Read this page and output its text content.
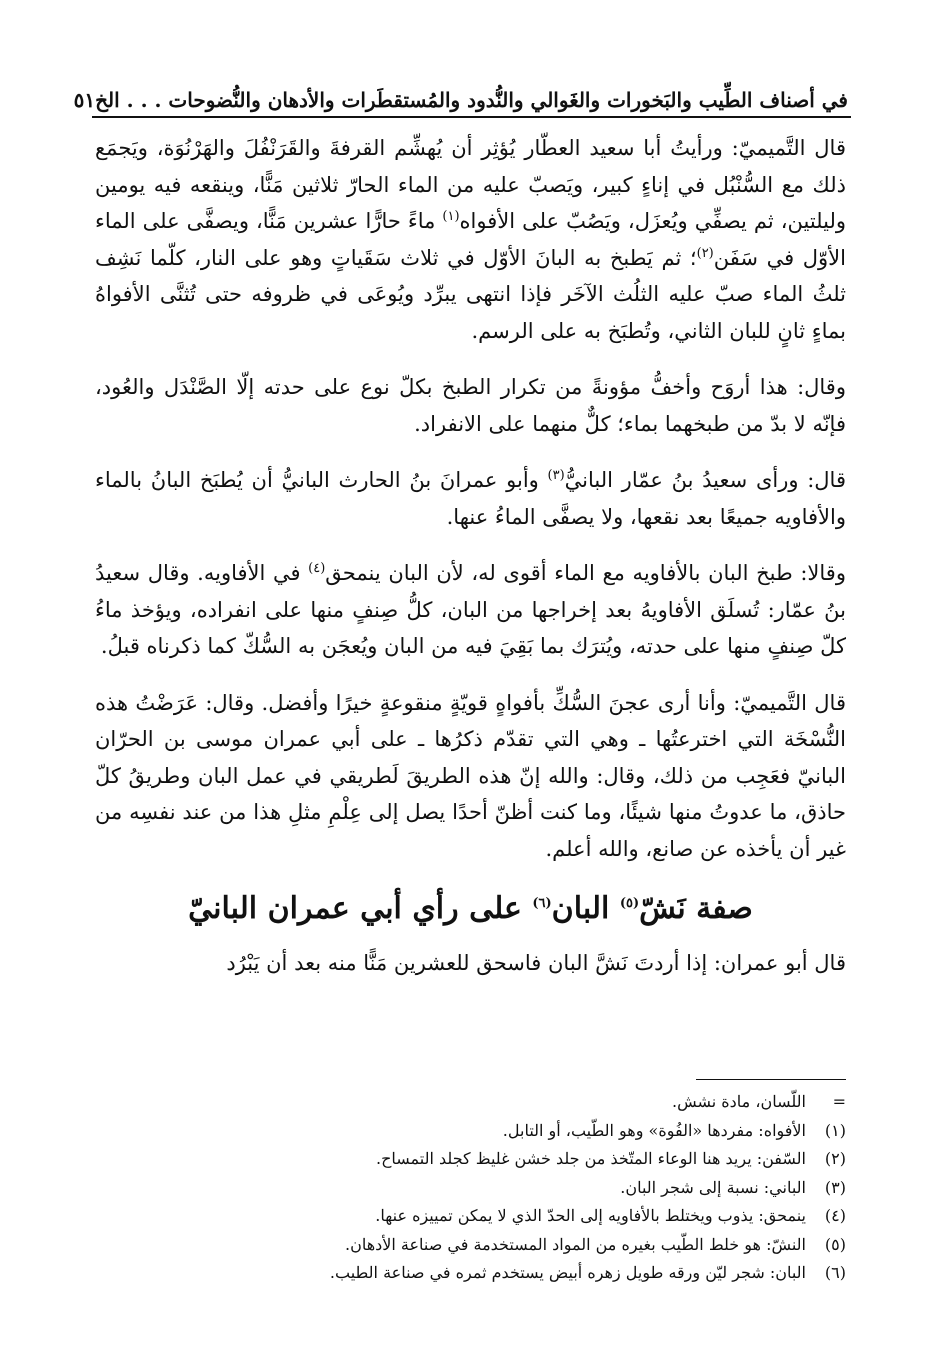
في أصناف الطِّيب والبَخورات والغَوالي والنُّدود والمُستقطَرات والأدهان والنُّضوحات . . . الخ
٥١
قال التَّميميّ: ورأيتُ أبا سعيد العطّار يُؤثِر أن يُهشِّم القرفةَ والقَرَنْفُلَ والهَرْنُوَة، ويَجمَع ذلك مع السُّنْبُل في إناءٍ كبير، ويَصبّ عليه من الماء الحارّ ثلاثين مَنًّا، وينقعه فيه يومين وليلتين، ثم يصفِّي ويُعزَل، ويَصُبّ على الأفواه$^{(١)}$ ماءً حارًّا عشرين مَنًّا، ويصفَّى على الماء الأوّل في سَفَن$^{(٢)}$؛ ثم يَطبخ به البانَ الأوّل في ثلاث سَقَياتٍ وهو على النار، كلّما نَشِف ثلثُ الماء صبّ عليه الثلُث الآخَر فإذا انتهى يبرِّد ويُوعَى في ظروفه حتى تُثنَّى الأفواهُ بماءٍ ثانٍ للبان الثاني، وتُطبَخ به على الرسم.
وقال: هذا أروَح وأخفُّ مؤونةً من تكرار الطبخ بكلّ نوع على حدته إلّا الصَّنْدَل والعُود، فإنّه لا بدّ من طبخهما بماء؛ كلٌّ منهما على الانفراد.
قال: ورأى سعيدُ بنُ عمّار البانيُّ$^{(٣)}$ وأبو عمرانَ بنُ الحارث البانيُّ أن يُطبَخ البانُ بالماء والأفاويه جميعًا بعد نقعها، ولا يصفَّى الماءُ عنها.
وقالا: طبخ البان بالأفاويه مع الماء أقوى له، لأن البان ينمحق$^{(٤)}$ في الأفاويه. وقال سعيدُ بنُ عمّار: تُسلَق الأفاويهُ بعد إخراجها من البان، كلُّ صِنفٍ منها على انفراده، ويؤخذ ماءُ كلّ صِنفٍ منها على حدته، ويُترَك بما بَقِيَ فيه من البان ويُعجَن به السُّكّ كما ذكرناه قبلُ.
قال التَّميميّ: وأنا أرى عجنَ السُّكِّ بأفواهٍ قويّةٍ منقوعةٍ خيرًا وأفضل. وقال: عَرَضْتُ هذه النُّسْخَة التي اخترعتُها ـ وهي التي تقدّم ذكرُها ـ على أبي عمران موسى بن الحرّان البانيّ فعَجِب من ذلك، وقال: والله إنّ هذه الطريقَ لَطريقي في عمل البان وطريقُ كلّ حاذق، ما عدوتُ منها شيئًا، وما كنت أظنّ أحدًا يصل إلى عِلْمِ مثلِ هذا من عند نفسِه من غير أن يأخذه عن صانع، والله أعلم.
صفة نَشّ$^{(٥)}$ البان$^{(٦)}$ على رأي أبي عمران البانيّ
قال أبو عمران: إذا أردتَ نَشَّ البان فاسحق للعشرين مَنًّا منه بعد أن يَبْرُد
=
اللّسان، مادة نشش.
(١)
الأفواه: مفردها «الفُوة» وهو الطّيب، أو التابل.
(٢)
السّفن: يريد هنا الوعاء المتّخذ من جلد خشن غليظ كجلد التمساح.
(٣)
الباني: نسبة إلى شجر البان.
(٤)
ينمحق: يذوب ويختلط بالأفاويه إلى الحدّ الذي لا يمكن تمييزه عنها.
(٥)
النشّ: هو خلط الطّيب بغيره من المواد المستخدمة في صناعة الأدهان.
(٦)
البان: شجر ليّن ورقه طويل زهره أبيض يستخدم ثمره في صناعة الطيب.
